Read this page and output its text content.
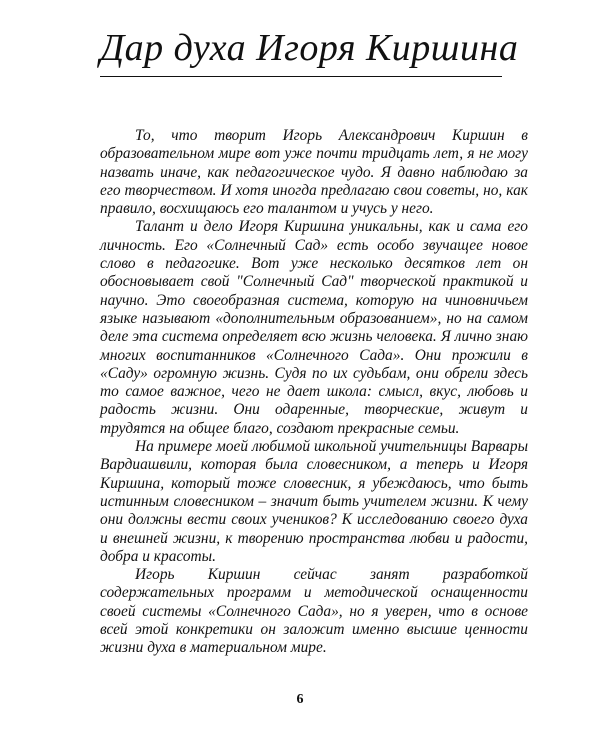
Дар духа Игоря Киршина

То, что творит Игорь Александрович Киршин в образовательном мире вот уже почти тридцать лет, я не могу назвать иначе, как педагогическое чудо. Я давно наблюдаю за его творчеством. И хотя иногда предлагаю свои советы, но, как правило, восхищаюсь его талантом и учусь у него.

Талант и дело Игоря Киршина уникальны, как и сама его личность. Его «Солнечный Сад» есть особо звучащее новое слово в педагогике. Вот уже несколько десятков лет он обосновывает свой "Солнечный Сад" творческой практикой и научно. Это своеобразная система, которую на чиновничьем языке называют «дополнительным образованием», но на самом деле эта система определяет всю жизнь человека. Я лично знаю многих воспитанников «Солнечного Сада». Они прожили в «Саду» огромную жизнь. Судя по их судьбам, они обрели здесь то самое важное, чего не дает школа: смысл, вкус, любовь и радость жизни. Они одаренные, творческие, живут и трудятся на общее благо, создают прекрасные семьи.

На примере моей любимой школьной учительницы Варвары Вардиашвили, которая была словесником, а теперь и Игоря Киршина, который тоже словесник, я убеждаюсь, что быть истинным словесником – значит быть учителем жизни. К чему они должны вести своих учеников? К исследованию своего духа и внешней жизни, к творению пространства любви и радости, добра и красоты.

Игорь Киршин сейчас занят разработкой содержательных программ и методической оснащенности своей системы «Солнечного Сада», но я уверен, что в основе всей этой конкретики он заложит именно высшие ценности жизни духа в материальном мире.

6
